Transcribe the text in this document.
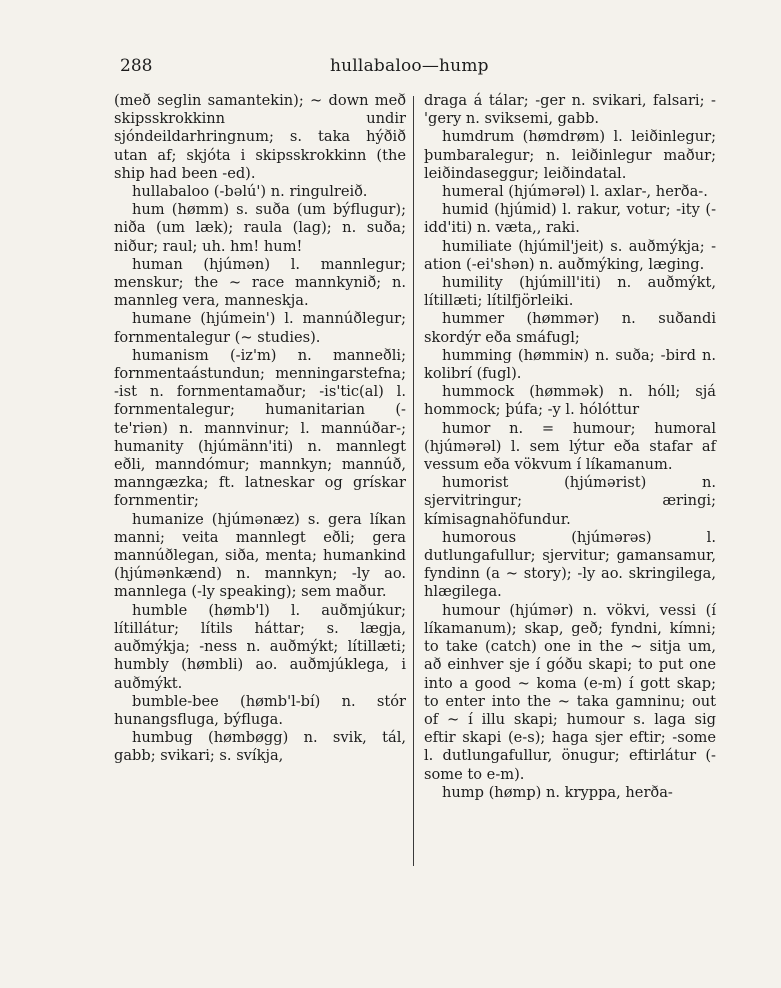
288	hullabaloo—hump

(með seglin samantekin); ~ down með skipsskrokkinn undir sjóndeildarhringnum; s. taka hýðið utan af; skjóta i skipsskrokkinn (the ship had been -ed).

hullabaloo (-bəlú') n. ringulreið.

hum (hømm) s. suða (um býflugur); niða (um læk); raula (lag); n. suða; niður; raul; uh. hm! hum!

human (hjúmən) l. mannlegur; menskur; the ~ race mannkynið; n. mannleg vera, manneskja.

humane (hjúmein') l. mannúðlegur; fornmentalegur (~ studies).

humanism (-iz'm) n. manneðli; fornmentaástundun; menningarstefna; -ist n. fornmentamaður; -is'tic(al) l. fornmentalegur; humanitarian (-te'riən) n. mannvinur; l. mannúðar-; humanity (hjúmänn'iti) n. mannlegt eðli, manndómur; mannkyn; mannúð, manngæzka; ft. latneskar og grískar fornmentir;

humanize (hjúmənæz) s. gera líkan manni; veita mannlegt eðli; gera mannúðlegan, siða, menta; humankind (hjúmənkænd) n. mannkyn; -ly ao. mannlega (-ly speaking); sem maður.

humble (hømb'l) l. auðmjúkur; lítillátur; lítils háttar; s. lægja, auðmýkja; -ness n. auðmýkt; lítillæti; humbly (hømbli) ao. auðmjúklega, i auðmýkt.

bumble-bee (hømb'l-bí) n. stór hunangsfluga, býfluga.

humbug (hømbøgg) n. svik, tál, gabb; svikari; s. svíkja,

draga á tálar; -ger n. svikari, falsari; -'gery n. sviksemi, gabb.

humdrum (hømdrøm) l. leiðinlegur; þumbaralegur; n. leiðinlegur maður; leiðindaseggur; leiðindatal.

humeral (hjúmərəl) l. axlar-, herða-.

humid (hjúmid) l. rakur, votur; -ity (-idd'iti) n. væta,, raki.

humiliate (hjúmil'jeit) s. auðmýkja; -ation (-ei'shən) n. auðmýking, læging.

humility (hjúmill'iti) n. auðmýkt, lítillæti; lítilfjörleiki.

hummer (hømmər) n. suðandi skordýr eða smáfugl;

humming (hømmiɴ) n. suða; -bird n. kolibrí (fugl).

hummock (hømmək) n. hóll; sjá hommock; þúfa; -y l. hólóttur

humor n. = humour; humoral (hjúmərəl) l. sem lýtur eða stafar af vessum eða vökvum í líkamanum.

humorist (hjúmərist) n. sjervitringur; æringi; kímisagnahöfundur.

humorous (hjúmərəs) l. dutlungafullur; sjervitur; gamansamur, fyndinn (a ~ story); -ly ao. skringilega, hlægilega.

humour (hjúmər) n. vökvi, vessi (í líkamanum); skap, geð; fyndni, kímni; to take (catch) one in the ~ sitja um, að einhver sje í góðu skapi; to put one into a good ~ koma (e-m) í gott skap; to enter into the ~ taka gamninu; out of ~ í illu skapi; humour s. laga sig eftir skapi (e-s); haga sjer eftir; -some l. dutlungafullur, önugur; eftirlátur (-some to e-m).

hump (hømp) n. kryppa, herða-
